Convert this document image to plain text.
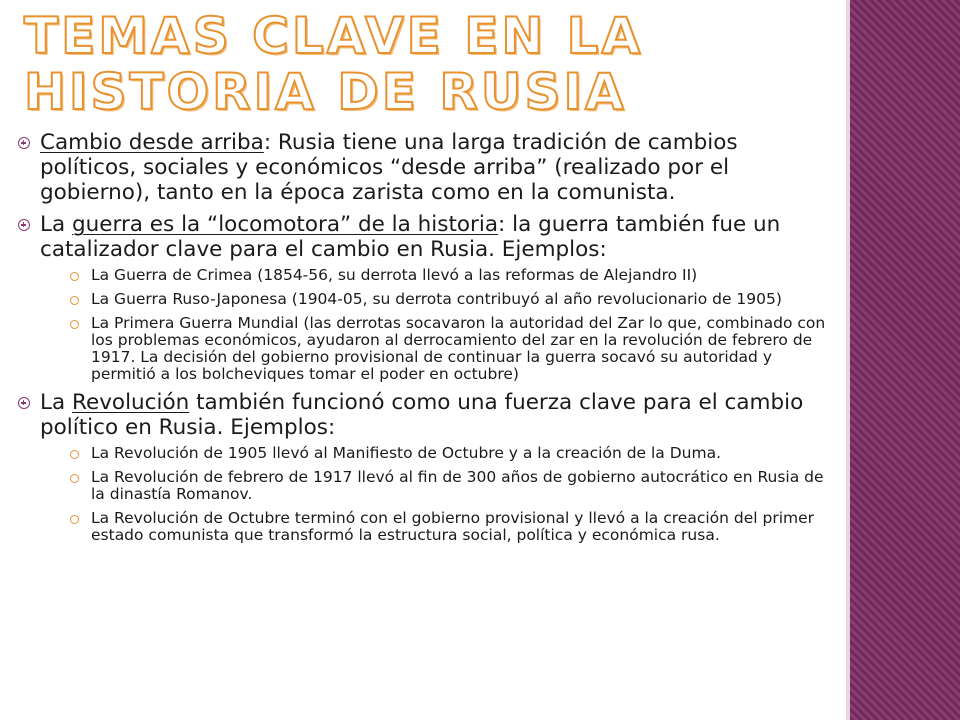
TEMAS CLAVE EN LA HISTORIA DE RUSIA
Cambio desde arriba: Rusia tiene una larga tradición de cambios políticos, sociales y económicos “desde arriba” (realizado por el gobierno), tanto en la época zarista como en la comunista.
La guerra es la “locomotora” de la historia: la guerra también fue un catalizador clave para el cambio en Rusia. Ejemplos:
La Guerra de Crimea (1854-56, su derrota llevó a las reformas de Alejandro II)
La Guerra Ruso-Japonesa (1904-05, su derrota contribuyó al año revolucionario de 1905)
La Primera Guerra Mundial (las derrotas socavaron la autoridad del Zar lo que, combinado con los problemas económicos, ayudaron al derrocamiento del zar en la revolución de febrero de 1917. La decisión del gobierno provisional de continuar la guerra socavó su autoridad y permitió a los bolcheviques tomar el poder en octubre)
La Revolución también funcionó como una fuerza clave para el cambio político en Rusia. Ejemplos:
La Revolución de 1905 llevó al Manifiesto de Octubre y a la creación de la Duma.
La Revolución de febrero de 1917 llevó al fin de 300 años de gobierno autocrático en Rusia de la dinastía Romanov.
La Revolución de Octubre terminó con el gobierno provisional y llevó a la creación del primer estado comunista que transformó la estructura social, política y económica rusa.
